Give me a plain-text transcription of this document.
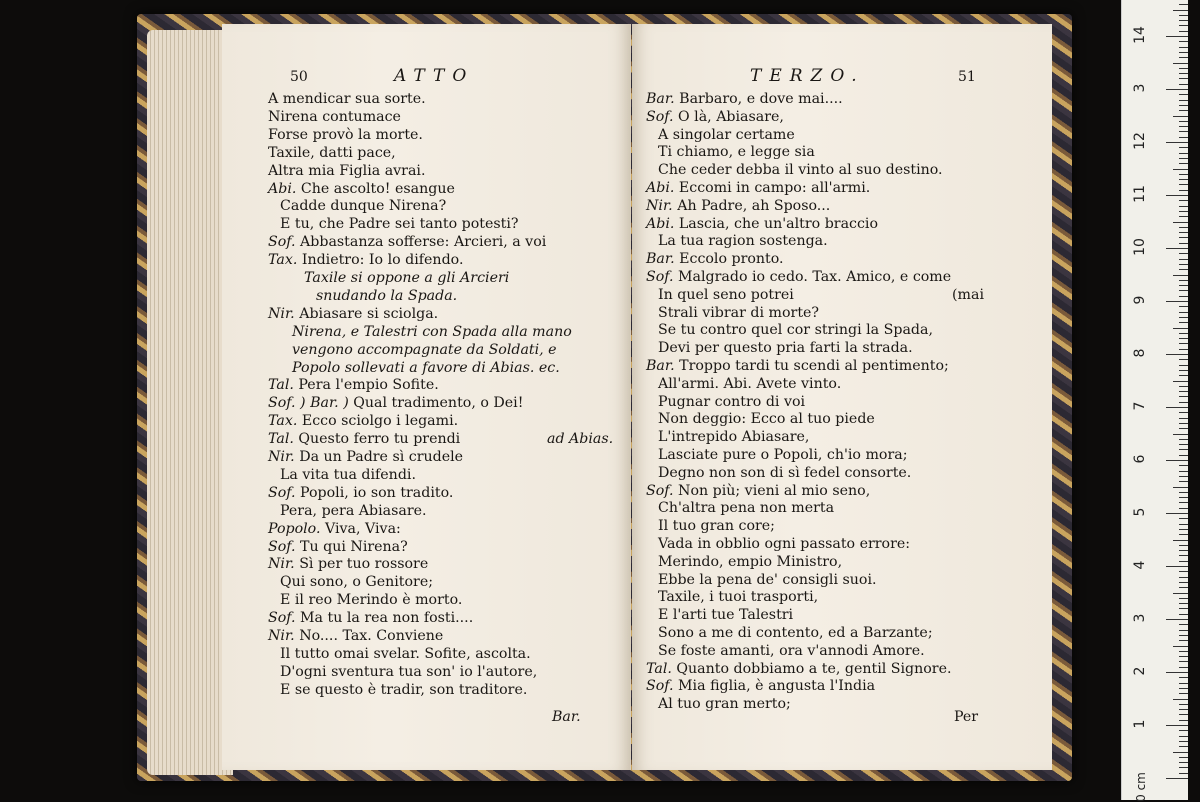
50	ATTO
A mendicar sua sorte.
Nirena contumace
Forse provò la morte.
Taxile, datti pace,
Altra mia Figlia avrai.
Abi. Che ascolto! esangue
Cadde dunque Nirena?
E tu, che Padre sei tanto potesti?
Sof. Abbastanza sofferse: Arcieri, a voi
Tax. Indietro: Io lo difendo.
Taxile si oppone a gli Arcieri
snudando la Spada.
Nir. Abiasare si sciolga.
Nirena, e Talestri con Spada alla mano
vengono accompagnate da Soldati, e
Popolo sollevati a favore di Abias. ec.
Tal. Pera l'empio Sofite.
Sof. ) Bar. ) Qual tradimento, o Dei!
Tax. Ecco sciolgo i legami.
Tal. Questo ferro tu prendi	ad Abias.
Nir. Da un Padre sì crudele
La vita tua difendi.
Sof. Popoli, io son tradito.
Pera, pera Abiasare.
Popolo. Viva, Viva:
Sof. Tu qui Nirena?
Nir. Sì per tuo rossore
Qui sono, o Genitore;
E il reo Merindo è morto.
Sof. Ma tu la rea non fosti....
Nir. No.... Tax. Conviene
Il tutto omai svelar. Sofite, ascolta.
D'ogni sventura tua son' io l'autore,
E se questo è tradir, son traditore.
Bar.
TERZO.	51
Bar. Barbaro, e dove mai....
Sof. O là, Abiasare,
A singolar certame
Ti chiamo, e legge sia
Che ceder debba il vinto al suo destino.
Abi. Eccomi in campo: all'armi.
Nir. Ah Padre, ah Sposo...
Abi. Lascia, che un'altro braccio
La tua ragion sostenga.
Bar. Eccolo pronto.
Sof. Malgrado io cedo. Tax. Amico, e come
In quel seno potrei	(mai
Strali vibrar di morte?
Se tu contro quel cor stringi la Spada,
Devi per questo pria farti la strada.
Bar. Troppo tardi tu scendi al pentimento;
All'armi. Abi. Avete vinto.
Pugnar contro di voi
Non deggio: Ecco al tuo piede
L'intrepido Abiasare,
Lasciate pure o Popoli, ch'io mora;
Degno non son di sì fedel consorte.
Sof. Non più; vieni al mio seno,
Ch'altra pena non merta
Il tuo gran core;
Vada in obblio ogni passato errore:
Merindo, empio Ministro,
Ebbe la pena de' consigli suoi.
Taxile, i tuoi trasporti,
E l'arti tue Talestri
Sono a me di contento, ed a Barzante;
Se foste amanti, ora v'annodi Amore.
Tal. Quanto dobbiamo a te, gentil Signore.
Sof. Mia figlia, è angusta l'India
Al tuo gran merto;
Per	1
2
3
4
5
6
7
8
9
10
11
12
3
14
0 cm
